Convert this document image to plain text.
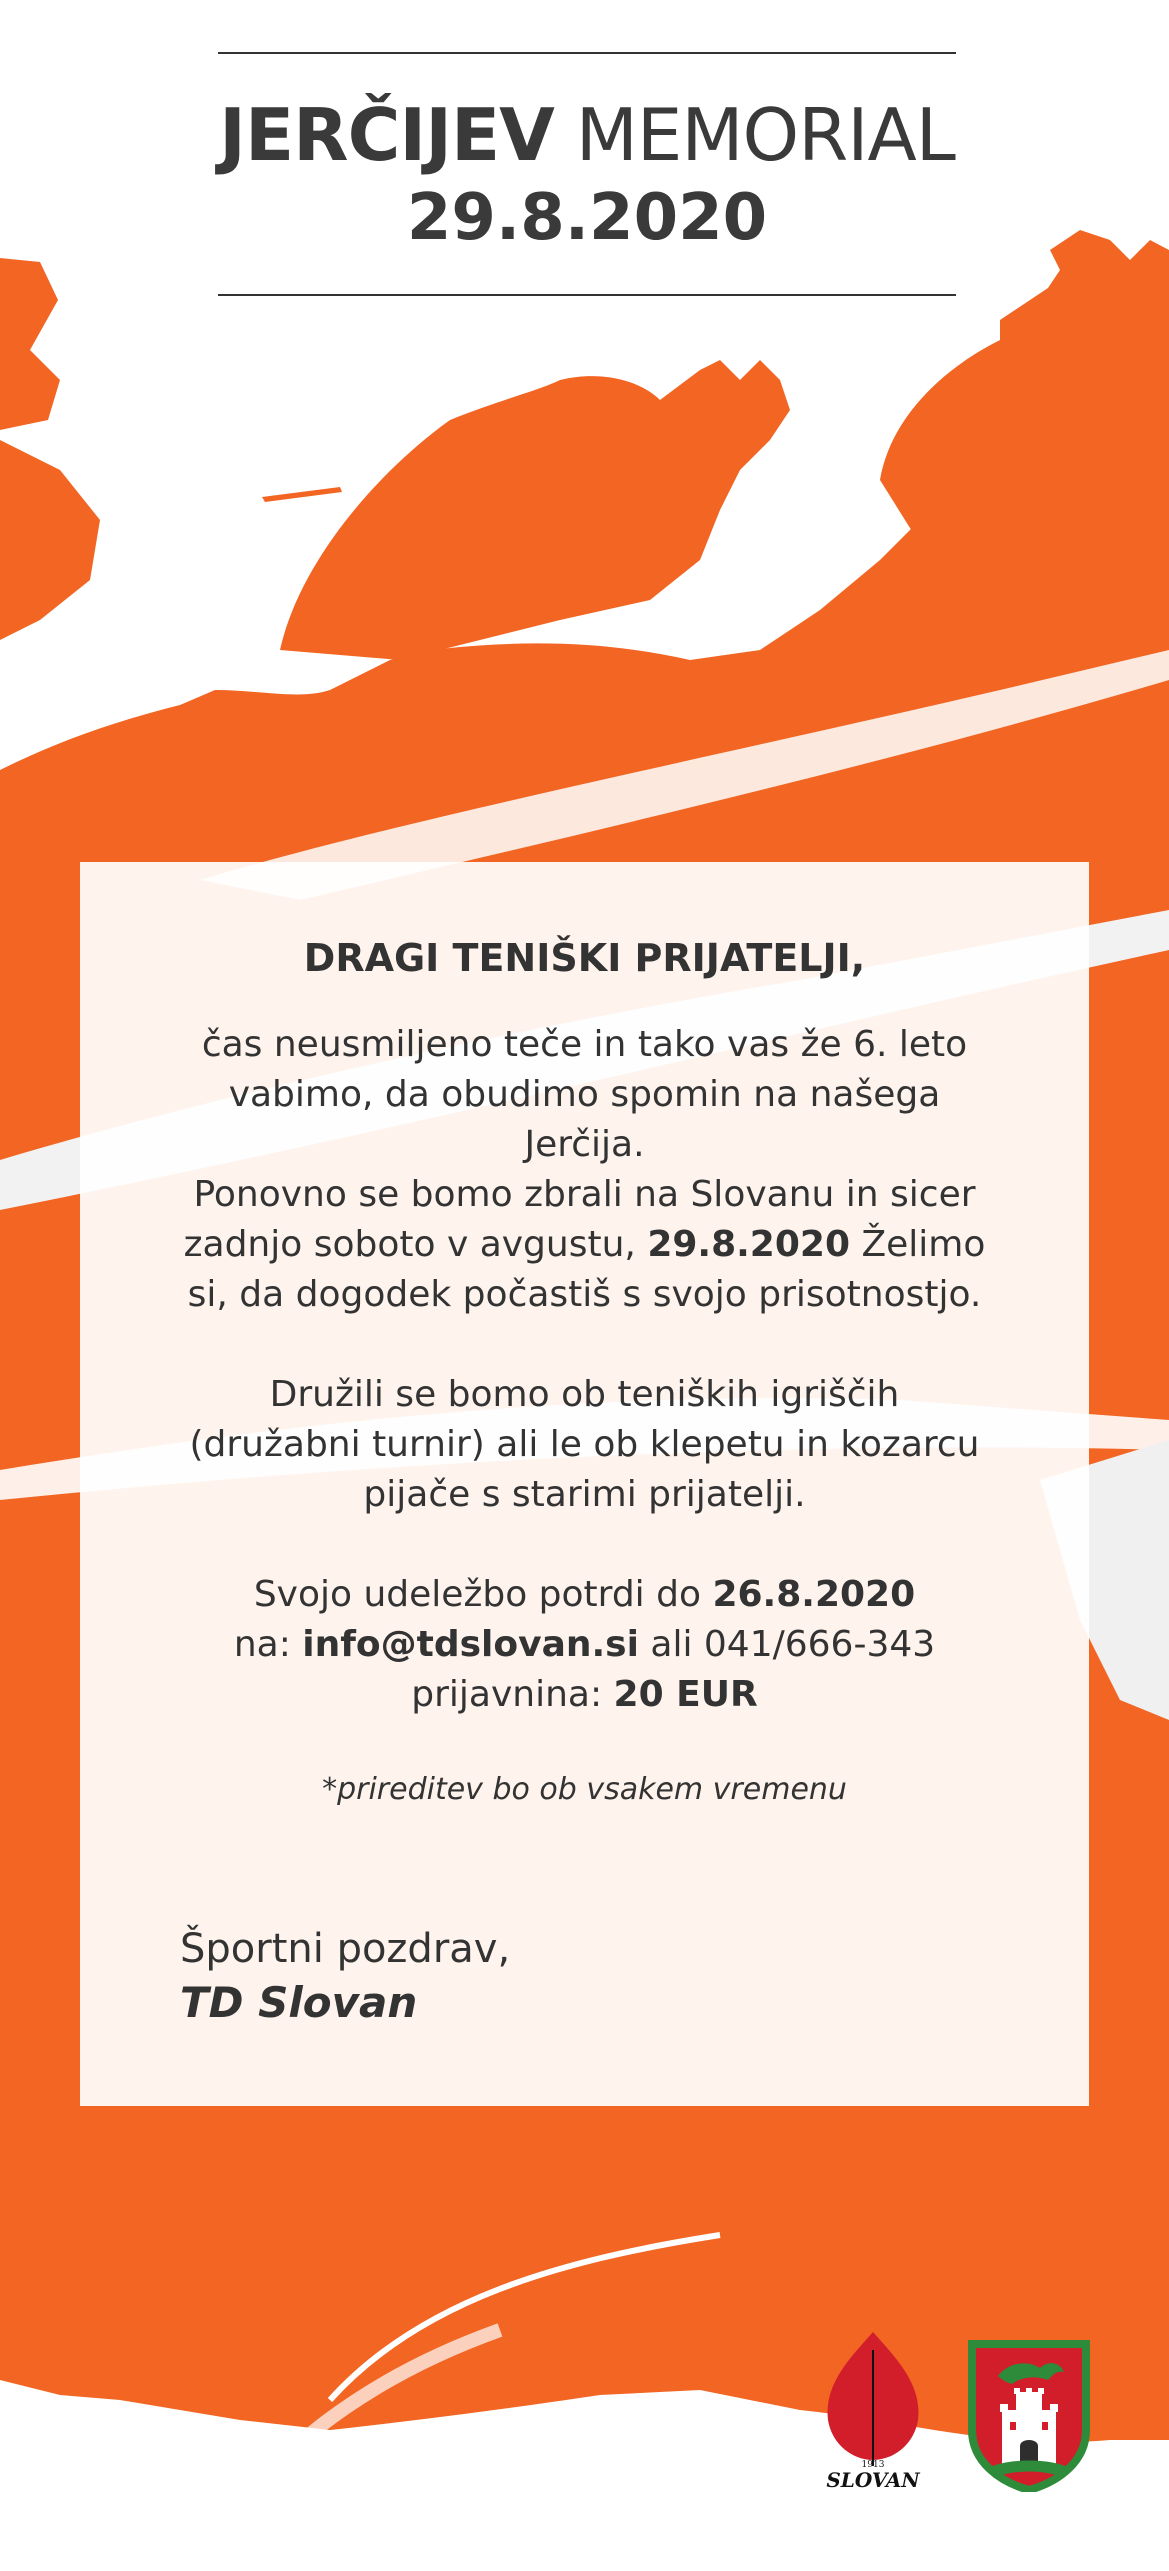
JERČIJEV MEMORIAL
29.8.2020
DRAGI TENIŠKI PRIJATELJI,

čas neusmiljeno teče in tako vas že 6. leto
vabimo, da obudimo spomin na našega
Jerčija.
Ponovno se bomo zbrali na Slovanu in sicer
zadnjo soboto v avgustu, 29.8.2020 Želimo
si, da dogodek počastiš s svojo prisotnostjo.

Družili se bomo ob teniških igriščih
(družabni turnir) ali le ob klepetu in kozarcu
pijače s starimi prijatelji.

Svojo udeležbo potrdi do 26.8.2020
na: info@tdslovan.si ali 041/666-343
prijavnina: 20 EUR

*prireditev bo ob vsakem vremenu
Športni pozdrav,
TD Slovan
1913
SLOVAN
